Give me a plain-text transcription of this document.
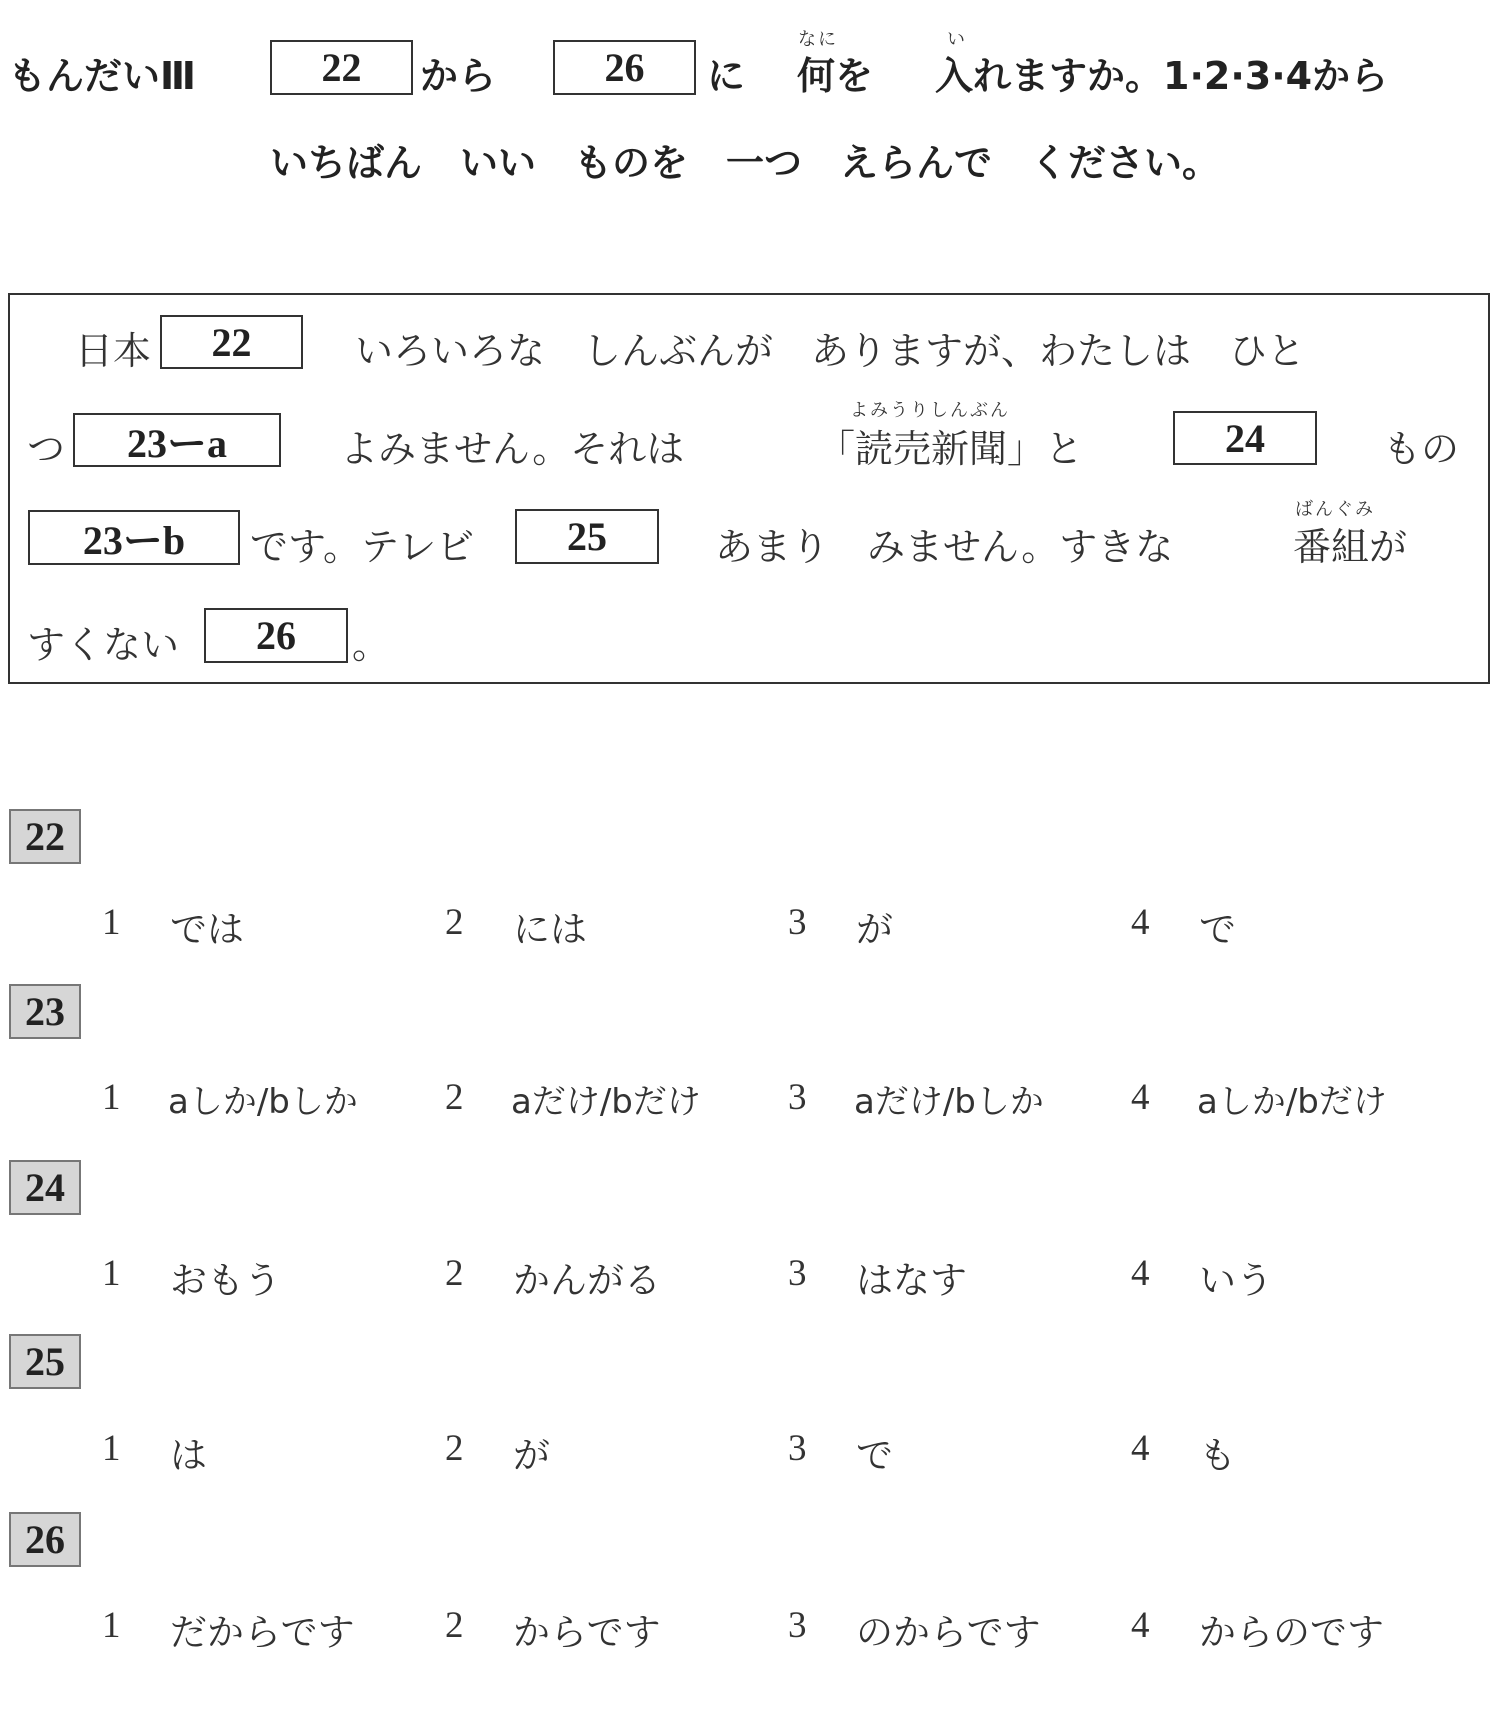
もんだいⅢ	22	から	26	に
なに
何を
い
入れますか。1·2·3·4から
いちばん　いい　ものを　一つ　えらんで　ください。
日本	22	いろいろな　しんぶんが　ありますが、わたしは　ひと
つ	23ーa	よみません。それは
よみうりしんぶん
「読売新聞」と	24	もの
23ーb	です。テレビ	25	あまり　みません。すきな
ばんぐみ
番組が
すくない	26	。
22
1 では	2 には	3 が	4 で
23
1 aしか/bしか 2 aだけ/bだけ 3 aだけ/bしか 4 aしか/bだけ
24
1 おもう	2 かんがる	3 はなす	4 いう
25
1 は	2 が	3 で	4 も
26
1 だからです 2 からです	3 のからです 4 からのです
